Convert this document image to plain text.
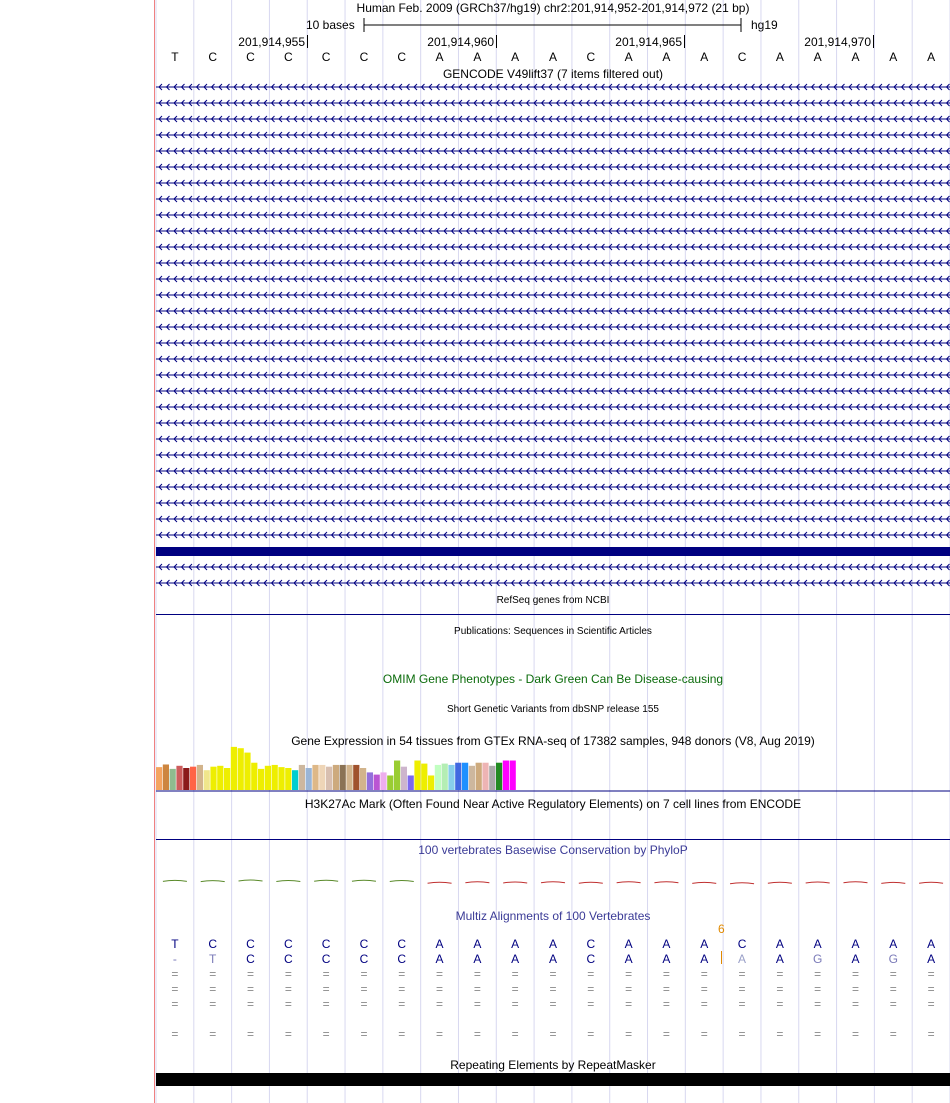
Human Feb. 2009 (GRCh37/hg19) chr2:201,914,952-201,914,972 (21 bp)
10 bases	hg19
201,914,955	201,914,960	201,914,965	201,914,970
T	C	C	C	C	C	C	A	A	A	A	C	A	A	A	C	A	A	A	A	A
GENCODE V49lift37 (7 items filtered out)
RefSeq genes from NCBI
Publications: Sequences in Scientific Articles
OMIM Gene Phenotypes - Dark Green Can Be Disease-causing
Short Genetic Variants from dbSNP release 155
Gene Expression in 54 tissues from GTEx RNA-seq of 17382 samples, 948 donors (V8, Aug 2019)
H3K27Ac Mark (Often Found Near Active Regulatory Elements) on 7 cell lines from ENCODE
100 vertebrates Basewise Conservation by PhyloP
Multiz Alignments of 100 Vertebrates
6
T	C	C	C	C	C	C	A	A	A	A	C	A	A	A	C	A	A	A	A	A
-	T	C	C	C	C	C	A	A	A	A	C	A	A	A	A	A	G	A	G	A
=	=	=	=	=	=	=	=	=	=	=	=	=	=	=	=	=	=	=	=	=
=	=	=	=	=	=	=	=	=	=	=	=	=	=	=	=	=	=	=	=	=
=	=	=	=	=	=	=	=	=	=	=	=	=	=	=	=	=	=	=	=	=
=	=	=	=	=	=	=	=	=	=	=	=	=	=	=	=	=	=	=	=	=
Repeating Elements by RepeatMasker
